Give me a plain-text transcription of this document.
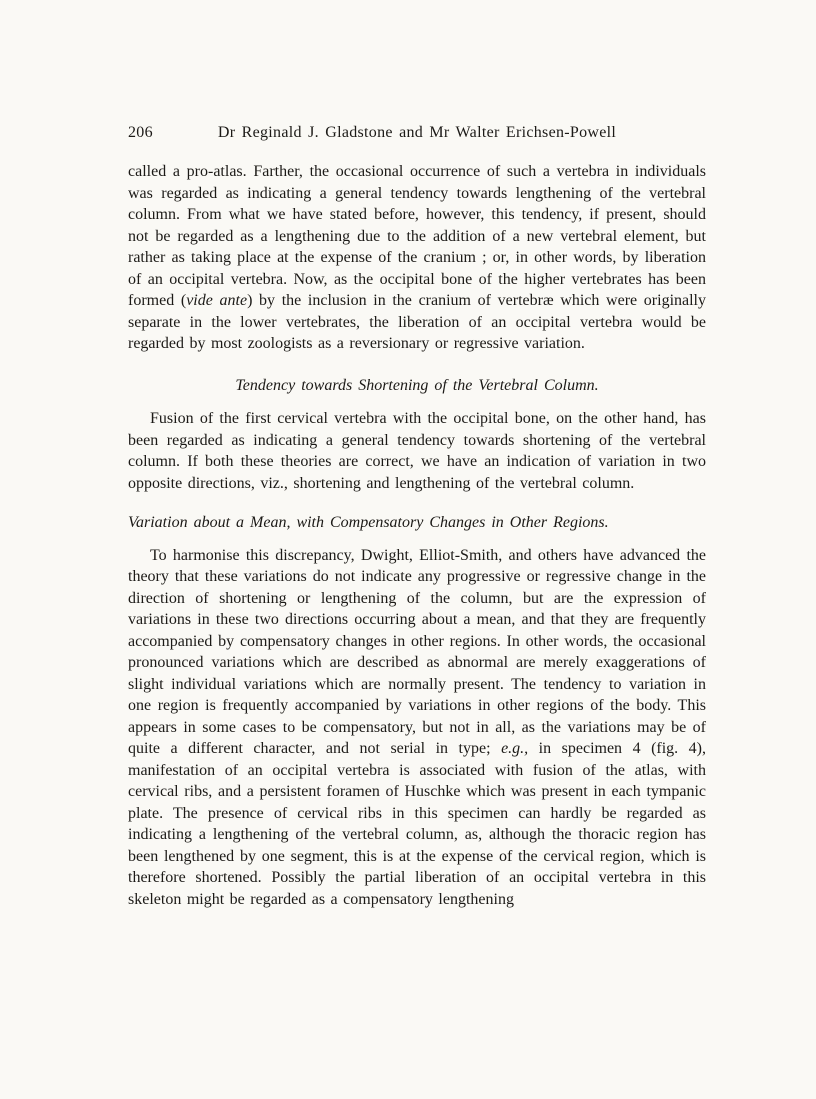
206	Dr Reginald J. Gladstone and Mr Walter Erichsen-Powell

called a pro-atlas. Farther, the occasional occurrence of such a vertebra in individuals was regarded as indicating a general tendency towards lengthening of the vertebral column. From what we have stated before, however, this tendency, if present, should not be regarded as a lengthening due to the addition of a new vertebral element, but rather as taking place at the expense of the cranium ; or, in other words, by liberation of an occipital vertebra. Now, as the occipital bone of the higher vertebrates has been formed (vide ante) by the inclusion in the cranium of vertebræ which were originally separate in the lower vertebrates, the liberation of an occipital vertebra would be regarded by most zoologists as a reversionary or regressive variation.

Tendency towards Shortening of the Vertebral Column.

Fusion of the first cervical vertebra with the occipital bone, on the other hand, has been regarded as indicating a general tendency towards shortening of the vertebral column. If both these theories are correct, we have an indication of variation in two opposite directions, viz., shortening and lengthening of the vertebral column.

Variation about a Mean, with Compensatory Changes in Other Regions.

To harmonise this discrepancy, Dwight, Elliot-Smith, and others have advanced the theory that these variations do not indicate any progressive or regressive change in the direction of shortening or lengthening of the column, but are the expression of variations in these two directions occurring about a mean, and that they are frequently accompanied by compensatory changes in other regions. In other words, the occasional pronounced variations which are described as abnormal are merely exaggerations of slight individual variations which are normally present. The tendency to variation in one region is frequently accompanied by variations in other regions of the body. This appears in some cases to be compensatory, but not in all, as the variations may be of quite a different character, and not serial in type; e.g., in specimen 4 (fig. 4), manifestation of an occipital vertebra is associated with fusion of the atlas, with cervical ribs, and a persistent foramen of Huschke which was present in each tympanic plate. The presence of cervical ribs in this specimen can hardly be regarded as indicating a lengthening of the vertebral column, as, although the thoracic region has been lengthened by one segment, this is at the expense of the cervical region, which is therefore shortened. Possibly the partial liberation of an occipital vertebra in this skeleton might be regarded as a compensatory lengthening
